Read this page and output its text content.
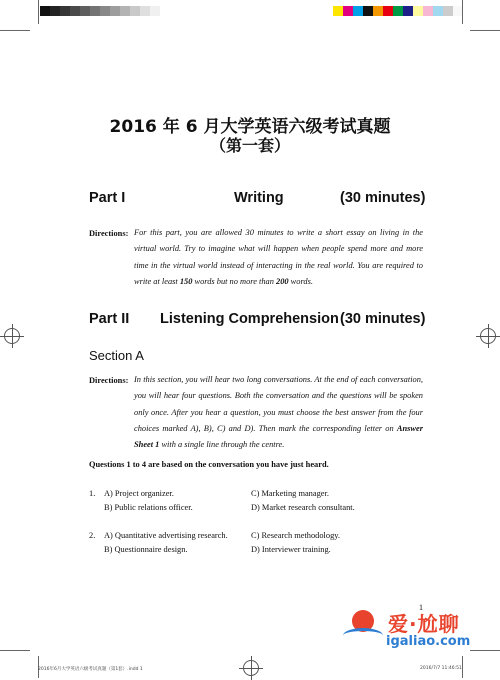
2016 年 6 月大学英语六级考试真题
（第一套）
Part I	Writing	(30 minutes)
Directions: For this part, you are allowed 30 minutes to write a short essay on living in the virtual world. Try to imagine what will happen when people spend more and more time in the virtual world instead of interacting in the real world. You are required to write at least 150 words but no more than 200 words.
Part II Listening Comprehension (30 minutes)
Section A
Directions: In this section, you will hear two long conversations. At the end of each conversation, you will hear four questions. Both the conversation and the questions will be spoken only once. After you hear a question, you must choose the best answer from the four choices marked A), B), C) and D). Then mark the corresponding letter on Answer Sheet 1 with a single line through the centre.
Questions 1 to 4 are based on the conversation you have just heard.
1. A) Project organizer.	C) Marketing manager.
B) Public relations officer.	D) Market research consultant.
2. A) Quantitative advertising research.	C) Research methodology.
B) Questionnaire design.	D) Interviewer training.
1
爱·尬聊
igaliao.com
2016年6月大学英语六级考试真题（第1套）.indd 1	2016/7/7 11:46:51
